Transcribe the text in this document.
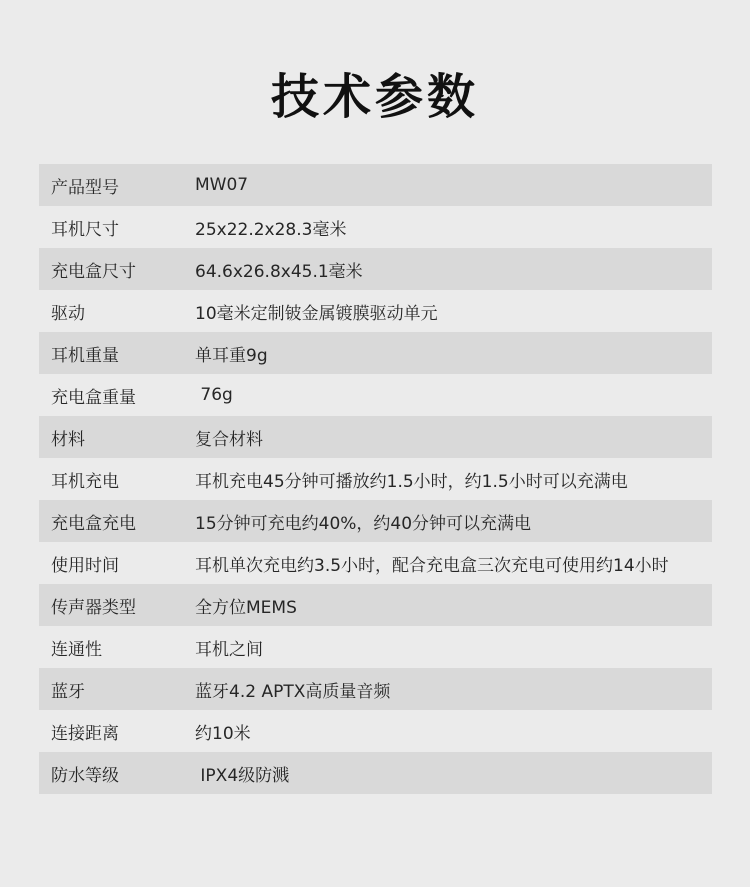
技术参数
产品型号	MW07
耳机尺寸	25x22.2x28.3毫米
充电盒尺寸	64.6x26.8x45.1毫米
驱动	10毫米定制铍金属镀膜驱动单元
耳机重量	单耳重9g
充电盒重量	76g
材料	复合材料
耳机充电	耳机充电45分钟可播放约1.5小时，约1.5小时可以充满电
充电盒充电	15分钟可充电约40%，约40分钟可以充满电
使用时间	耳机单次充电约3.5小时，配合充电盒三次充电可使用约14小时
传声器类型	全方位MEMS
连通性	耳机之间
蓝牙	蓝牙4.2 APTX高质量音频
连接距离	约10米
防水等级	IPX4级防溅
